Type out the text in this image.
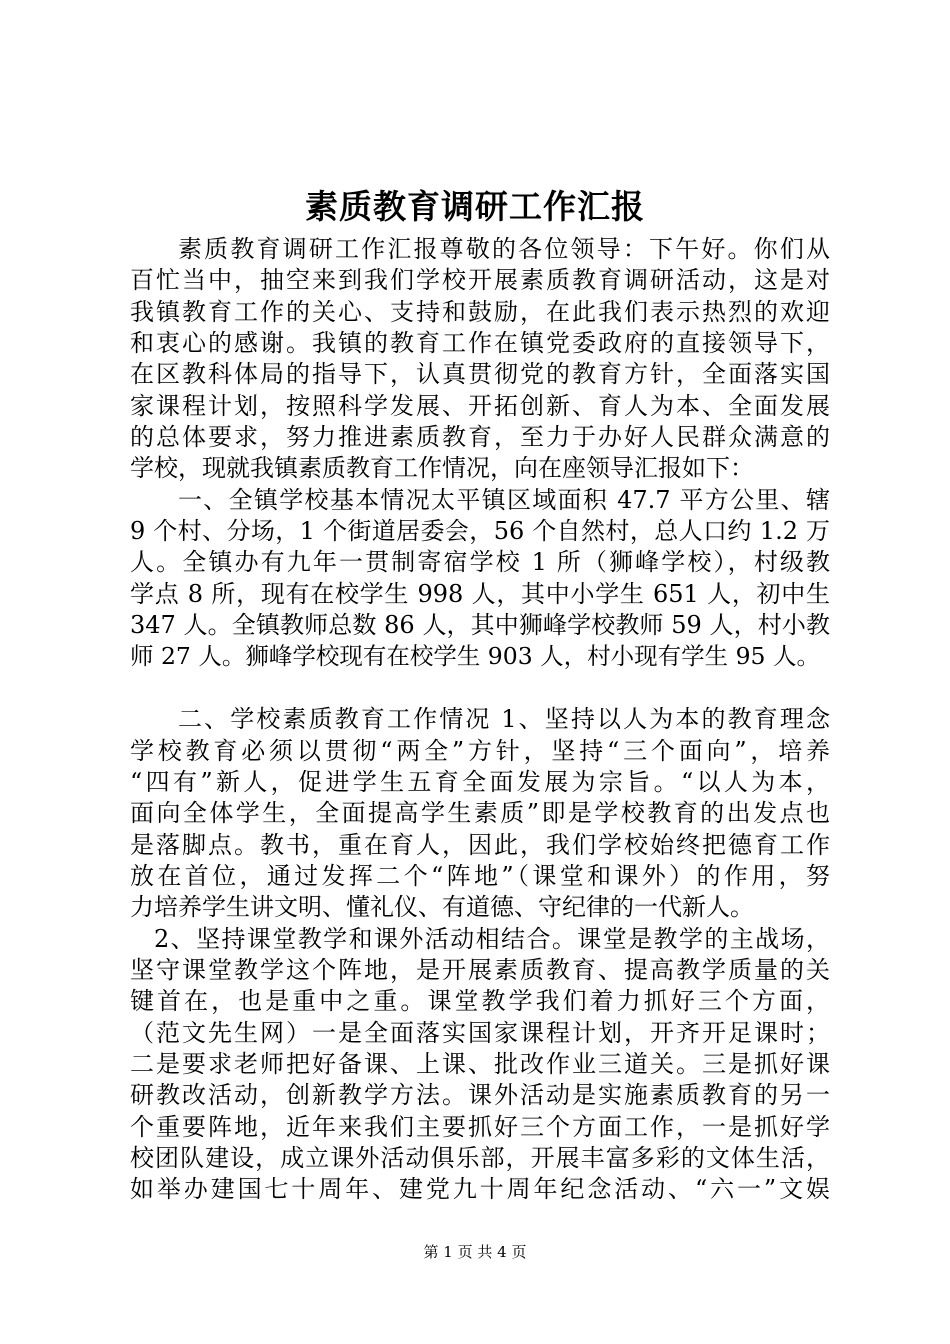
素质教育调研工作汇报
素质教育调研工作汇报尊敬的各位领导：下午好。你们从
百忙当中，抽空来到我们学校开展素质教育调研活动，这是对
我镇教育工作的关心、支持和鼓励，在此我们表示热烈的欢迎
和衷心的感谢。我镇的教育工作在镇党委政府的直接领导下，
在区教科体局的指导下，认真贯彻党的教育方针，全面落实国
家课程计划，按照科学发展、开拓创新、育人为本、全面发展
的总体要求，努力推进素质教育，至力于办好人民群众满意的
学校，现就我镇素质教育工作情况，向在座领导汇报如下：
一、全镇学校基本情况太平镇区域面积 47.7 平方公里、辖
9 个村、分场，1 个街道居委会，56 个自然村，总人口约 1.2 万
人。全镇办有九年一贯制寄宿学校 1 所（狮峰学校），村级教
学点 8 所，现有在校学生 998 人，其中小学生 651 人，初中生
347 人。全镇教师总数 86 人，其中狮峰学校教师 59 人，村小教
师 27 人。狮峰学校现有在校学生 903 人，村小现有学生 95 人。
二、学校素质教育工作情况 1、坚持以人为本的教育理念
学校教育必须以贯彻“两全”方针，坚持“三个面向”，培养
“四有”新人，促进学生五育全面发展为宗旨。“以人为本，
面向全体学生，全面提高学生素质”即是学校教育的出发点也
是落脚点。教书，重在育人，因此，我们学校始终把德育工作
放在首位，通过发挥二个“阵地”（课堂和课外）的作用，努
力培养学生讲文明、懂礼仪、有道德、守纪律的一代新人。
2、坚持课堂教学和课外活动相结合。课堂是教学的主战场，
坚守课堂教学这个阵地，是开展素质教育、提高教学质量的关
键首在，也是重中之重。课堂教学我们着力抓好三个方面，
（范文先生网）一是全面落实国家课程计划，开齐开足课时；
二是要求老师把好备课、上课、批改作业三道关。三是抓好课
研教改活动，创新教学方法。课外活动是实施素质教育的另一
个重要阵地，近年来我们主要抓好三个方面工作，一是抓好学
校团队建设，成立课外活动俱乐部，开展丰富多彩的文体生活，
如举办建国七十周年、建党九十周年纪念活动、“六一”文娱
第 1 页 共 4 页
